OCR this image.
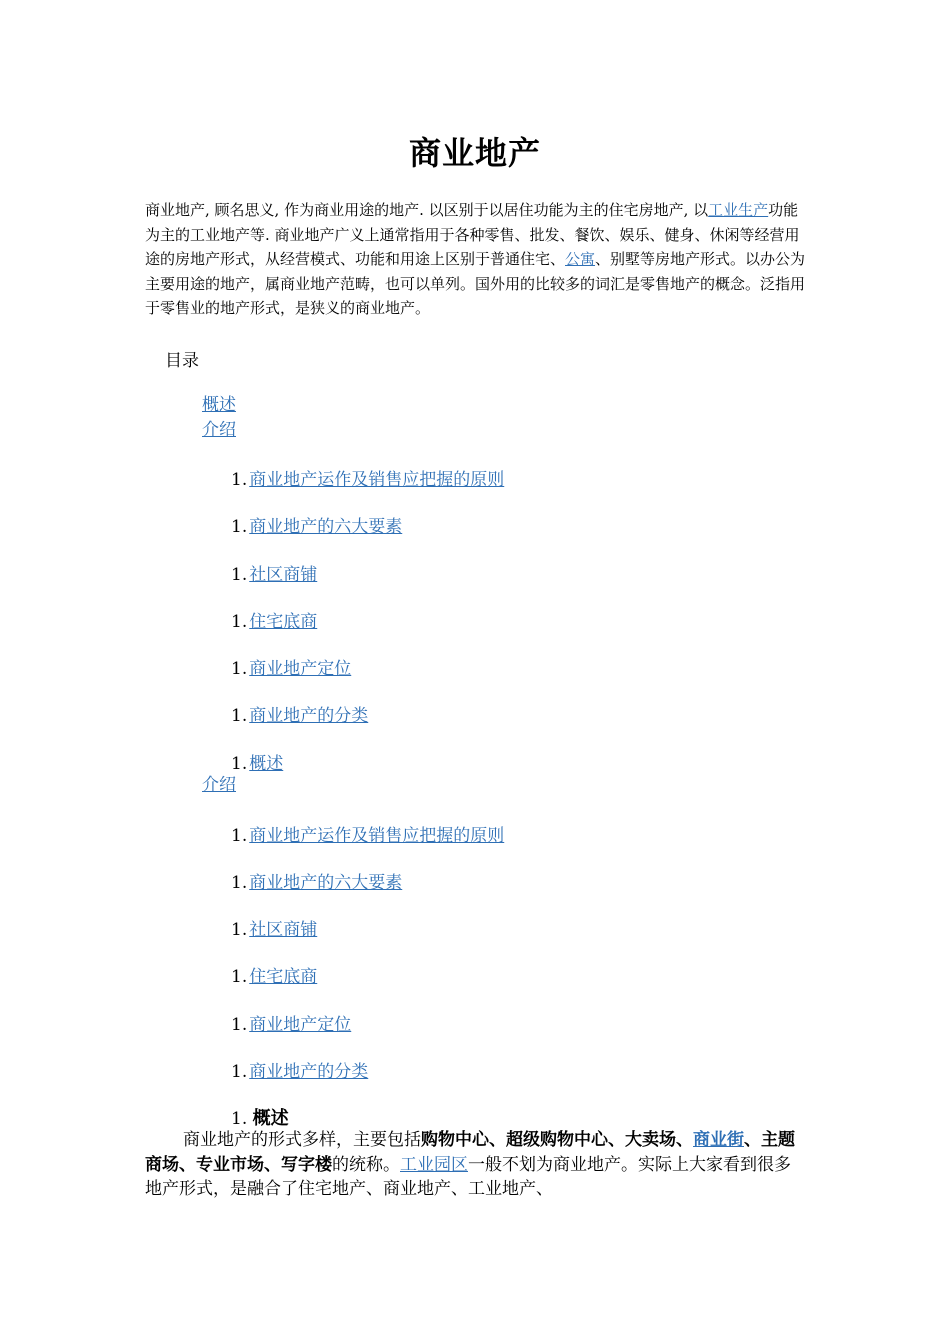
商业地产
商业地产, 顾名思义, 作为商业用途的地产. 以区别于以居住功能为主的住宅房地产, 以工业生产功能为主的工业地产等. 商业地产广义上通常指用于各种零售、批发、餐饮、娱乐、健身、休闲等经营用途的房地产形式，从经营模式、功能和用途上区别于普通住宅、公寓、别墅等房地产形式。以办公为主要用途的地产，属商业地产范畴，也可以单列。国外用的比较多的词汇是零售地产的概念。泛指用于零售业的地产形式，是狭义的商业地产。
目录
概述
介绍
1. 商业地产运作及销售应把握的原则
1. 商业地产的六大要素
1. 社区商铺
1. 住宅底商
1. 商业地产定位
1. 商业地产的分类
1. 概述
介绍
1. 商业地产运作及销售应把握的原则
1. 商业地产的六大要素
1. 社区商铺
1. 住宅底商
1. 商业地产定位
1. 商业地产的分类
1. 概述
商业地产的形式多样，主要包括购物中心、超级购物中心、大卖场、商业街、主题商场、专业市场、写字楼的统称。工业园区一般不划为商业地产。实际上大家看到很多地产形式，是融合了住宅地产、商业地产、工业地产、
